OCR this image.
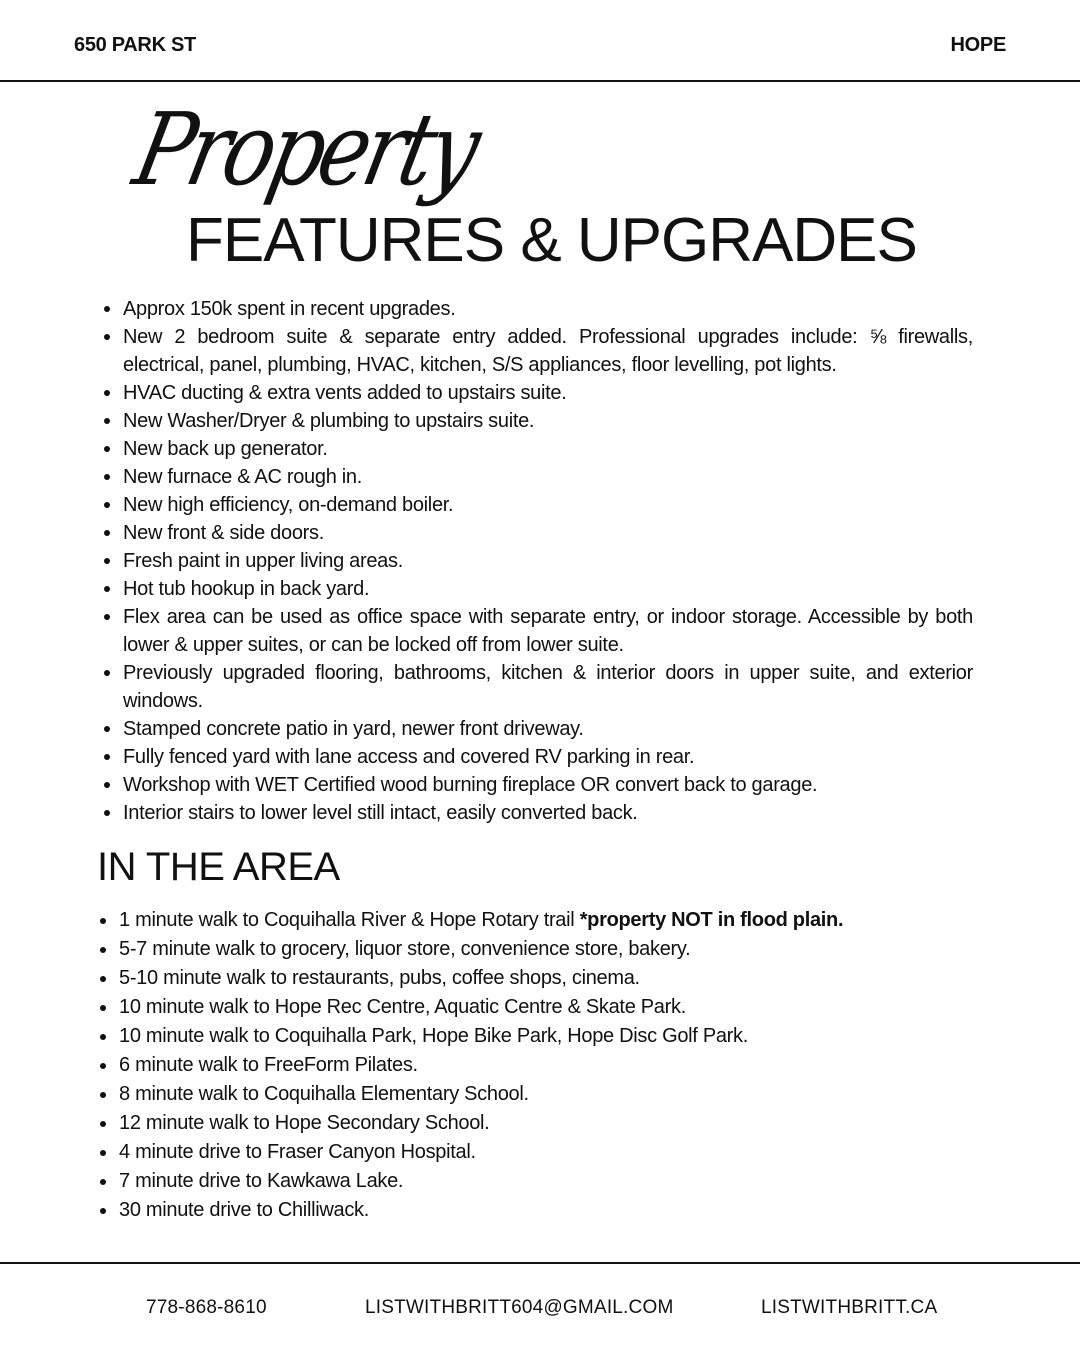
650 PARK ST	HOPE
Property
FEATURES & UPGRADES
Approx 150k spent in recent upgrades.
New 2 bedroom suite & separate entry added. Professional upgrades include: ⅝ firewalls, electrical, panel, plumbing, HVAC, kitchen, S/S appliances, floor levelling, pot lights.
HVAC ducting & extra vents added to upstairs suite.
New Washer/Dryer & plumbing to upstairs suite.
New back up generator.
New furnace & AC rough in.
New high efficiency, on-demand boiler.
New front & side doors.
Fresh paint in upper living areas.
Hot tub hookup in back yard.
Flex area can be used as office space with separate entry, or indoor storage. Accessible by both lower & upper suites, or can be locked off from lower suite.
Previously upgraded flooring, bathrooms, kitchen & interior doors in upper suite, and exterior windows.
Stamped concrete patio in yard, newer front driveway.
Fully fenced yard with lane access and covered RV parking in rear.
Workshop with WET Certified wood burning fireplace OR convert back to garage.
Interior stairs to lower level still intact, easily converted back.
IN THE AREA
1 minute walk to Coquihalla River & Hope Rotary trail *property NOT in flood plain.
5-7 minute walk to grocery, liquor store, convenience store, bakery.
5-10 minute walk to restaurants, pubs, coffee shops, cinema.
10 minute walk to Hope Rec Centre, Aquatic Centre & Skate Park.
10 minute walk to Coquihalla Park, Hope Bike Park, Hope Disc Golf Park.
6 minute walk to FreeForm Pilates.
8 minute walk to Coquihalla Elementary School.
12 minute walk to Hope Secondary School.
4 minute drive to Fraser Canyon Hospital.
7 minute drive to Kawkawa Lake.
30 minute drive to Chilliwack.
778-868-8610	LISTWITHBRITT604@GMAIL.COM	LISTWITHBRITT.CA
